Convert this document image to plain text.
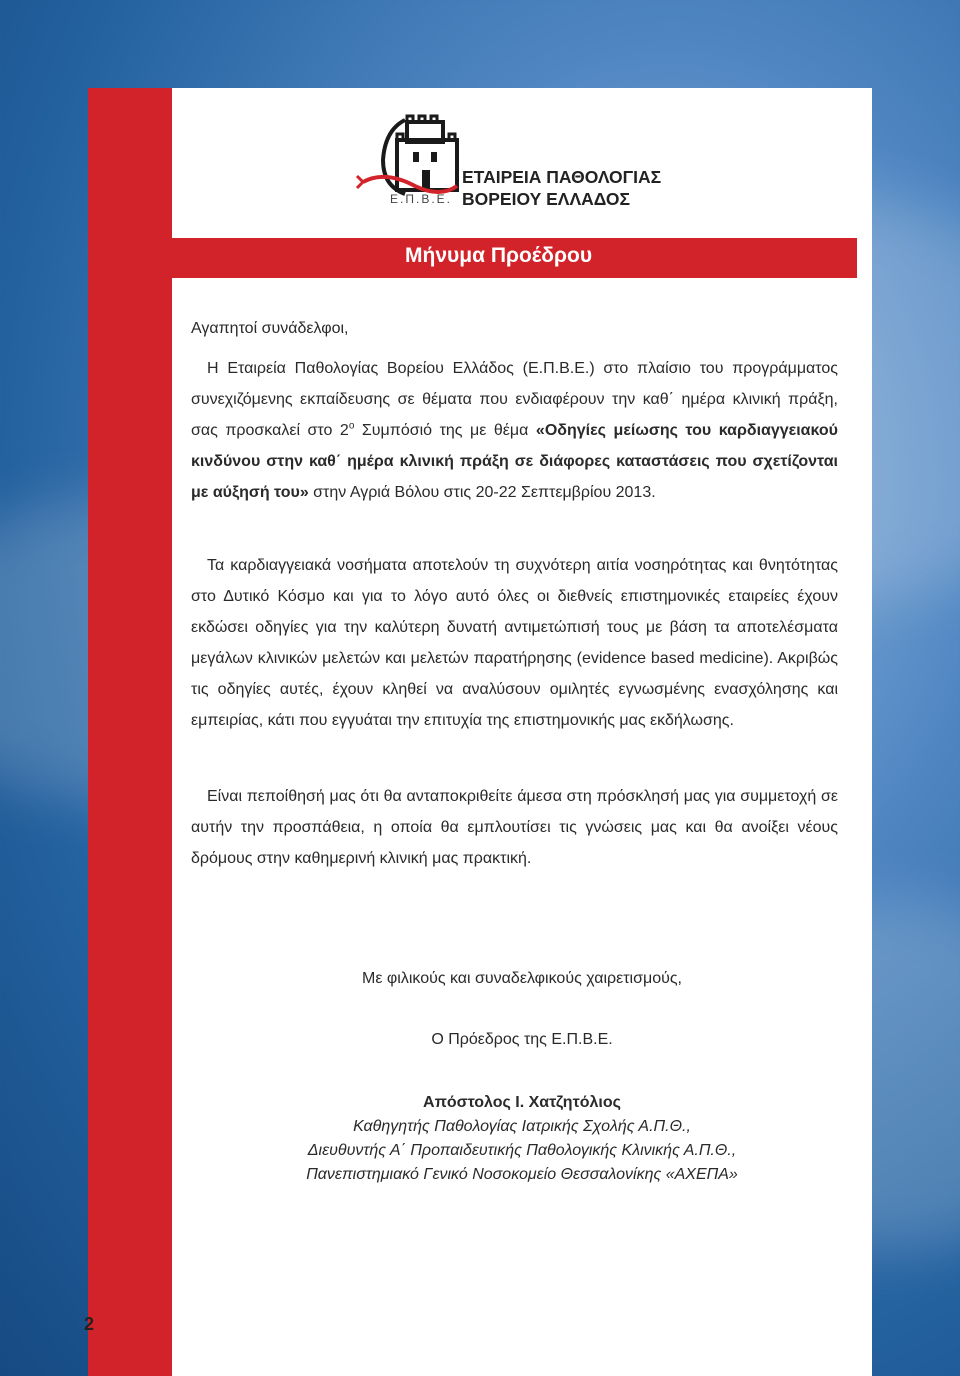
Ε.Π.Β.Ε.
ΕΤΑΙΡΕΙΑ ΠΑΘΟΛΟΓΙΑΣ
ΒΟΡΕΙΟΥ ΕΛΛΑΔΟΣ
Μήνυμα Προέδρου
Αγαπητοί συνάδελφοι,
Η Εταιρεία Παθολογίας Βορείου Ελλάδος (Ε.Π.Β.Ε.) στο πλαίσιο του προγράμματος συνεχιζόμενης εκπαίδευσης σε θέματα που ενδιαφέρουν την καθ΄ ημέρα κλινική πράξη, σας προσκαλεί στο $2^o$ Συμπόσιό της με θέμα «Οδηγίες μείωσης του καρδιαγγειακού κινδύνου στην καθ΄ ημέρα κλινική πράξη σε διάφορες καταστάσεις που σχετίζονται με αύξησή του» στην Αγριά Βόλου στις 20-22 Σεπτεμβρίου 2013.
Τα καρδιαγγειακά νοσήματα αποτελούν τη συχνότερη αιτία νοσηρότητας και θνητότητας στο Δυτικό Κόσμο και για το λόγο αυτό όλες οι διεθνείς επιστημονικές εταιρείες έχουν εκδώσει οδηγίες για την καλύτερη δυνατή αντιμετώπισή τους με βάση τα αποτελέσματα μεγάλων κλινικών μελετών και μελετών παρατήρησης (evidence based medicine). Ακριβώς τις οδηγίες αυτές, έχουν κληθεί να αναλύσουν ομιλητές εγνωσμένης ενασχόλησης και εμπειρίας, κάτι που εγγυάται την επιτυχία της επιστημονικής μας εκδήλωσης.
Είναι πεποίθησή μας ότι θα ανταποκριθείτε άμεσα στη πρόσκλησή μας για συμμετοχή σε αυτήν την προσπάθεια, η οποία θα εμπλουτίσει τις γνώσεις μας και θα ανοίξει νέους δρόμους στην καθημερινή κλινική μας πρακτική.
Με φιλικούς και συναδελφικούς χαιρετισμούς,
Ο Πρόεδρος της Ε.Π.Β.Ε.
Απόστολος Ι. Χατζητόλιος
Καθηγητής Παθολογίας Ιατρικής Σχολής Α.Π.Θ.,
Διευθυντής Α΄ Προπαιδευτικής Παθολογικής Κλινικής Α.Π.Θ.,
Πανεπιστημιακό Γενικό Νοσοκομείο Θεσσαλονίκης «ΑΧΕΠΑ»
2
